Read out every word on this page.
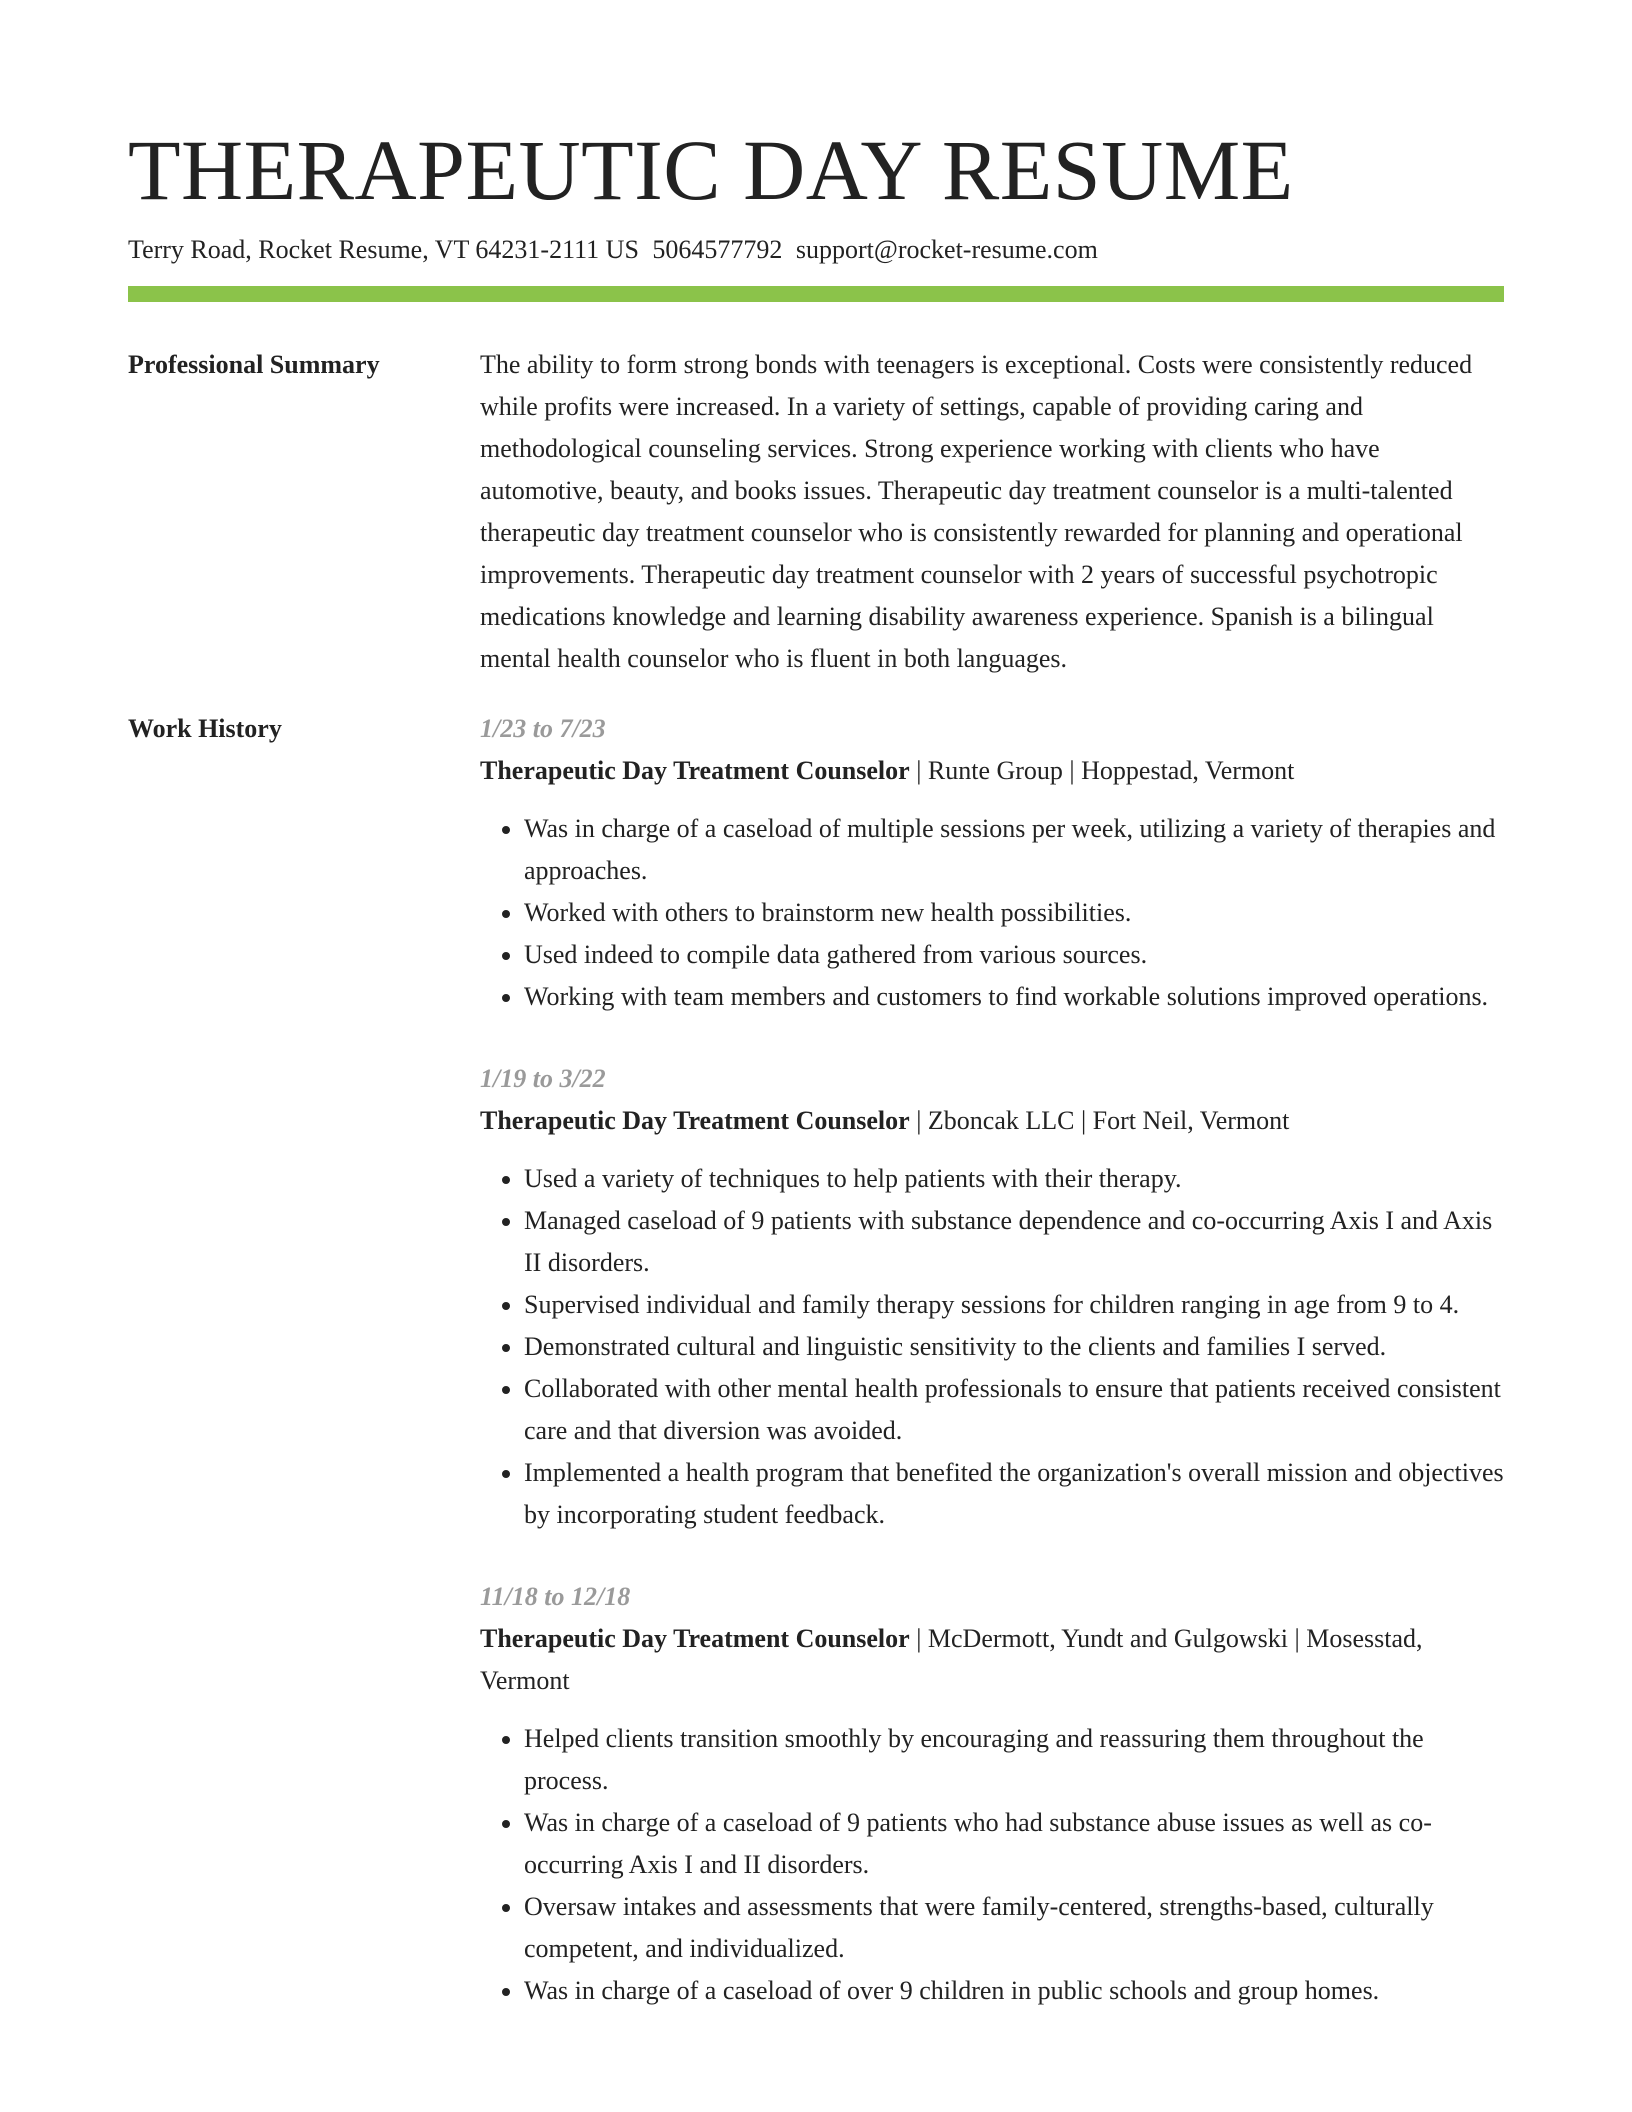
THERAPEUTIC DAY RESUME
Terry Road, Rocket Resume, VT 64231-2111 US 5064577792 support@rocket-resume.com
Professional Summary	The ability to form strong bonds with teenagers is exceptional. Costs were consistently reduced while profits were increased. In a variety of settings, capable of providing caring and methodological counseling services. Strong experience working with clients who have automotive, beauty, and books issues. Therapeutic day treatment counselor is a multi-talented therapeutic day treatment counselor who is consistently rewarded for planning and operational improvements. Therapeutic day treatment counselor with 2 years of successful psychotropic medications knowledge and learning disability awareness experience. Spanish is a bilingual mental health counselor who is fluent in both languages.
Work History	1/23 to 7/23
Therapeutic Day Treatment Counselor | Runte Group | Hoppestad, Vermont
• Was in charge of a caseload of multiple sessions per week, utilizing a variety of therapies and approaches.
• Worked with others to brainstorm new health possibilities.
• Used indeed to compile data gathered from various sources.
• Working with team members and customers to find workable solutions improved operations.
1/19 to 3/22
Therapeutic Day Treatment Counselor | Zboncak LLC | Fort Neil, Vermont
• Used a variety of techniques to help patients with their therapy.
• Managed caseload of 9 patients with substance dependence and co-occurring Axis I and Axis II disorders.
• Supervised individual and family therapy sessions for children ranging in age from 9 to 4.
• Demonstrated cultural and linguistic sensitivity to the clients and families I served.
• Collaborated with other mental health professionals to ensure that patients received consistent care and that diversion was avoided.
• Implemented a health program that benefited the organization's overall mission and objectives by incorporating student feedback.
11/18 to 12/18
Therapeutic Day Treatment Counselor | McDermott, Yundt and Gulgowski | Mosesstad, Vermont
• Helped clients transition smoothly by encouraging and reassuring them throughout the process.
• Was in charge of a caseload of 9 patients who had substance abuse issues as well as co-occurring Axis I and II disorders.
• Oversaw intakes and assessments that were family-centered, strengths-based, culturally competent, and individualized.
• Was in charge of a caseload of over 9 children in public schools and group homes.
